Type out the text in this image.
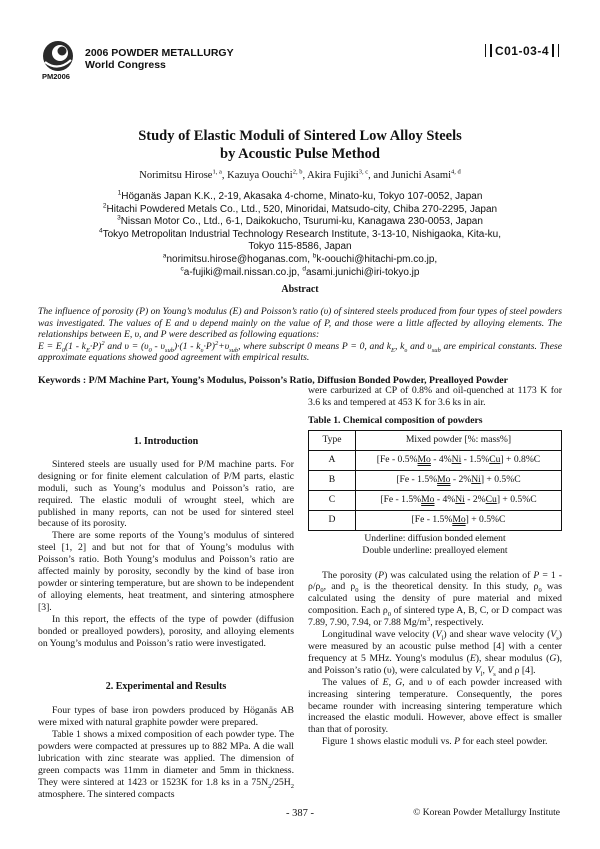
2006 POWDER METALLURGY
World Congress
PM2006
C01-03-4
Study of Elastic Moduli of Sintered Low Alloy Steels
by Acoustic Pulse Method
Norimitsu Hirose$^{1, a}$, Kazuya Oouchi$^{2, b}$, Akira Fujiki$^{3, c}$, and Junichi Asami$^{4, d}$
$^1$Höganäs Japan K.K., 2-19, Akasaka 4-chome, Minato-ku, Tokyo 107-0052, Japan
$^2$Hitachi Powdered Metals Co., Ltd., 520, Minoridai, Matsudo-city, Chiba 270-2295, Japan
$^3$Nissan Motor Co., Ltd., 6-1, Daikokucho, Tsurumi-ku, Kanagawa 230-0053, Japan
$^4$Tokyo Metropolitan Industrial Technology Research Institute, 3-13-10, Nishigaoka, Kita-ku,
Tokyo 115-8586, Japan
$^a$norimitsu.hirose@hoganas.com, $^b$k-oouchi@hitachi-pm.co.jp,
$^c$a-fujiki@mail.nissan.co.jp, $^d$asami.junichi@iri-tokyo.jp
Abstract
The influence of porosity (P) on Young’s modulus (E) and Poisson’s ratio (υ) of sintered steels produced from four types of steel powders was investigated. The values of E and υ depend mainly on the value of P, and those were a little affected by alloying elements. The relationships between E, υ, and P were described as following equations:
$E = E_0(1 - k_E\cdot P)^2$ and $\upsilon = (\upsilon_0 - \upsilon_{sub})\cdot(1 - k_\upsilon\cdot P)^2+\upsilon_{sub}$, where subscript 0 means P = 0, and $k_E$, $k_\upsilon$ and $\upsilon_{sub}$ are empirical constants. These approximate equations showed good agreement with empirical results.
Keywords : P/M Machine Part, Young’s Modulus, Poisson’s Ratio, Diffusion Bonded Powder, Prealloyed Powder

1. Introduction

Sintered steels are usually used for P/M machine parts. For designing or for finite element calculation of P/M parts, elastic moduli, such as Young’s modulus and Poisson’s ratio, are required. The elastic moduli of wrought steel, which are published in many reports, can not be used for sintered steel because of its porosity.

There are some reports of the Young’s modulus of sintered steel [1, 2] and but not for that of Young’s modulus with Poisson’s ratio. Both Young’s modulus and Poisson’s ratio are affected mainly by porosity, secondly by the kind of base iron powder or sintering temperature, but are shown to be independent of alloying elements, heat treatment, and sintering atmosphere [3].

In this report, the effects of the type of powder (diffusion bonded or prealloyed powders), porosity, and alloying elements on Young’s modulus and Poisson’s ratio were investigated.

2. Experimental and Results

Four types of base iron powders produced by Höganäs AB were mixed with natural graphite powder were prepared.

Table 1 shows a mixed composition of each powder type. The powders were compacted at pressures up to 882 MPa. A die wall lubrication with zinc stearate was applied. The dimension of green compacts was 11mm in diameter and 5mm in thickness. They were sintered at 1423 or 1523K for 1.8 ks in a $75N_2/25H_2$ atmosphere. The sintered compacts

were carburized at CP of 0.8% and oil-quenched at 1173 K for 3.6 ks and tempered at 453 K for 3.6 ks in air.

Table 1. Chemical composition of powders
Type	Mixed powder [%: mass%]
A	[Fe - 0.5%Mo - 4%Ni - 1.5%Cu] + 0.8%C
B	[Fe - 1.5%Mo - 2%Ni] + 0.5%C
C	[Fe - 1.5%Mo - 4%Ni - 2%Cu] + 0.5%C
D	[Fe - 1.5%Mo] + 0.5%C
Underline: diffusion bonded element
Double underline: prealloyed element

The porosity (P) was calculated using the relation of $P = 1 - \rho/\rho_0$, and $\rho_0$ is the theoretical density. In this study, $\rho_0$ was calculated using the density of pure material and mixed composition. Each $\rho_0$ of sintered type A, B, C, or D compact was 7.89, 7.90, 7.94, or 7.88 $Mg/m^3$, respectively.

Longitudinal wave velocity $(V_l)$ and shear wave velocity $(V_s)$ were measured by an acoustic pulse method [4] with a center frequency at 5 MHz. Young's modulus (E), shear modulus (G), and Poisson’s ratio (υ), were calculated by $V_l$, $V_s$ and ρ [4].

The values of E, G, and υ of each powder increased with increasing sintering temperature. Consequently, the pores became rounder with increasing sintering temperature which increased the elastic moduli. However, above effect is smaller than that of porosity.

Figure 1 shows elastic moduli vs. P for each steel powder.

- 387 -	© Korean Powder Metallurgy Institute
